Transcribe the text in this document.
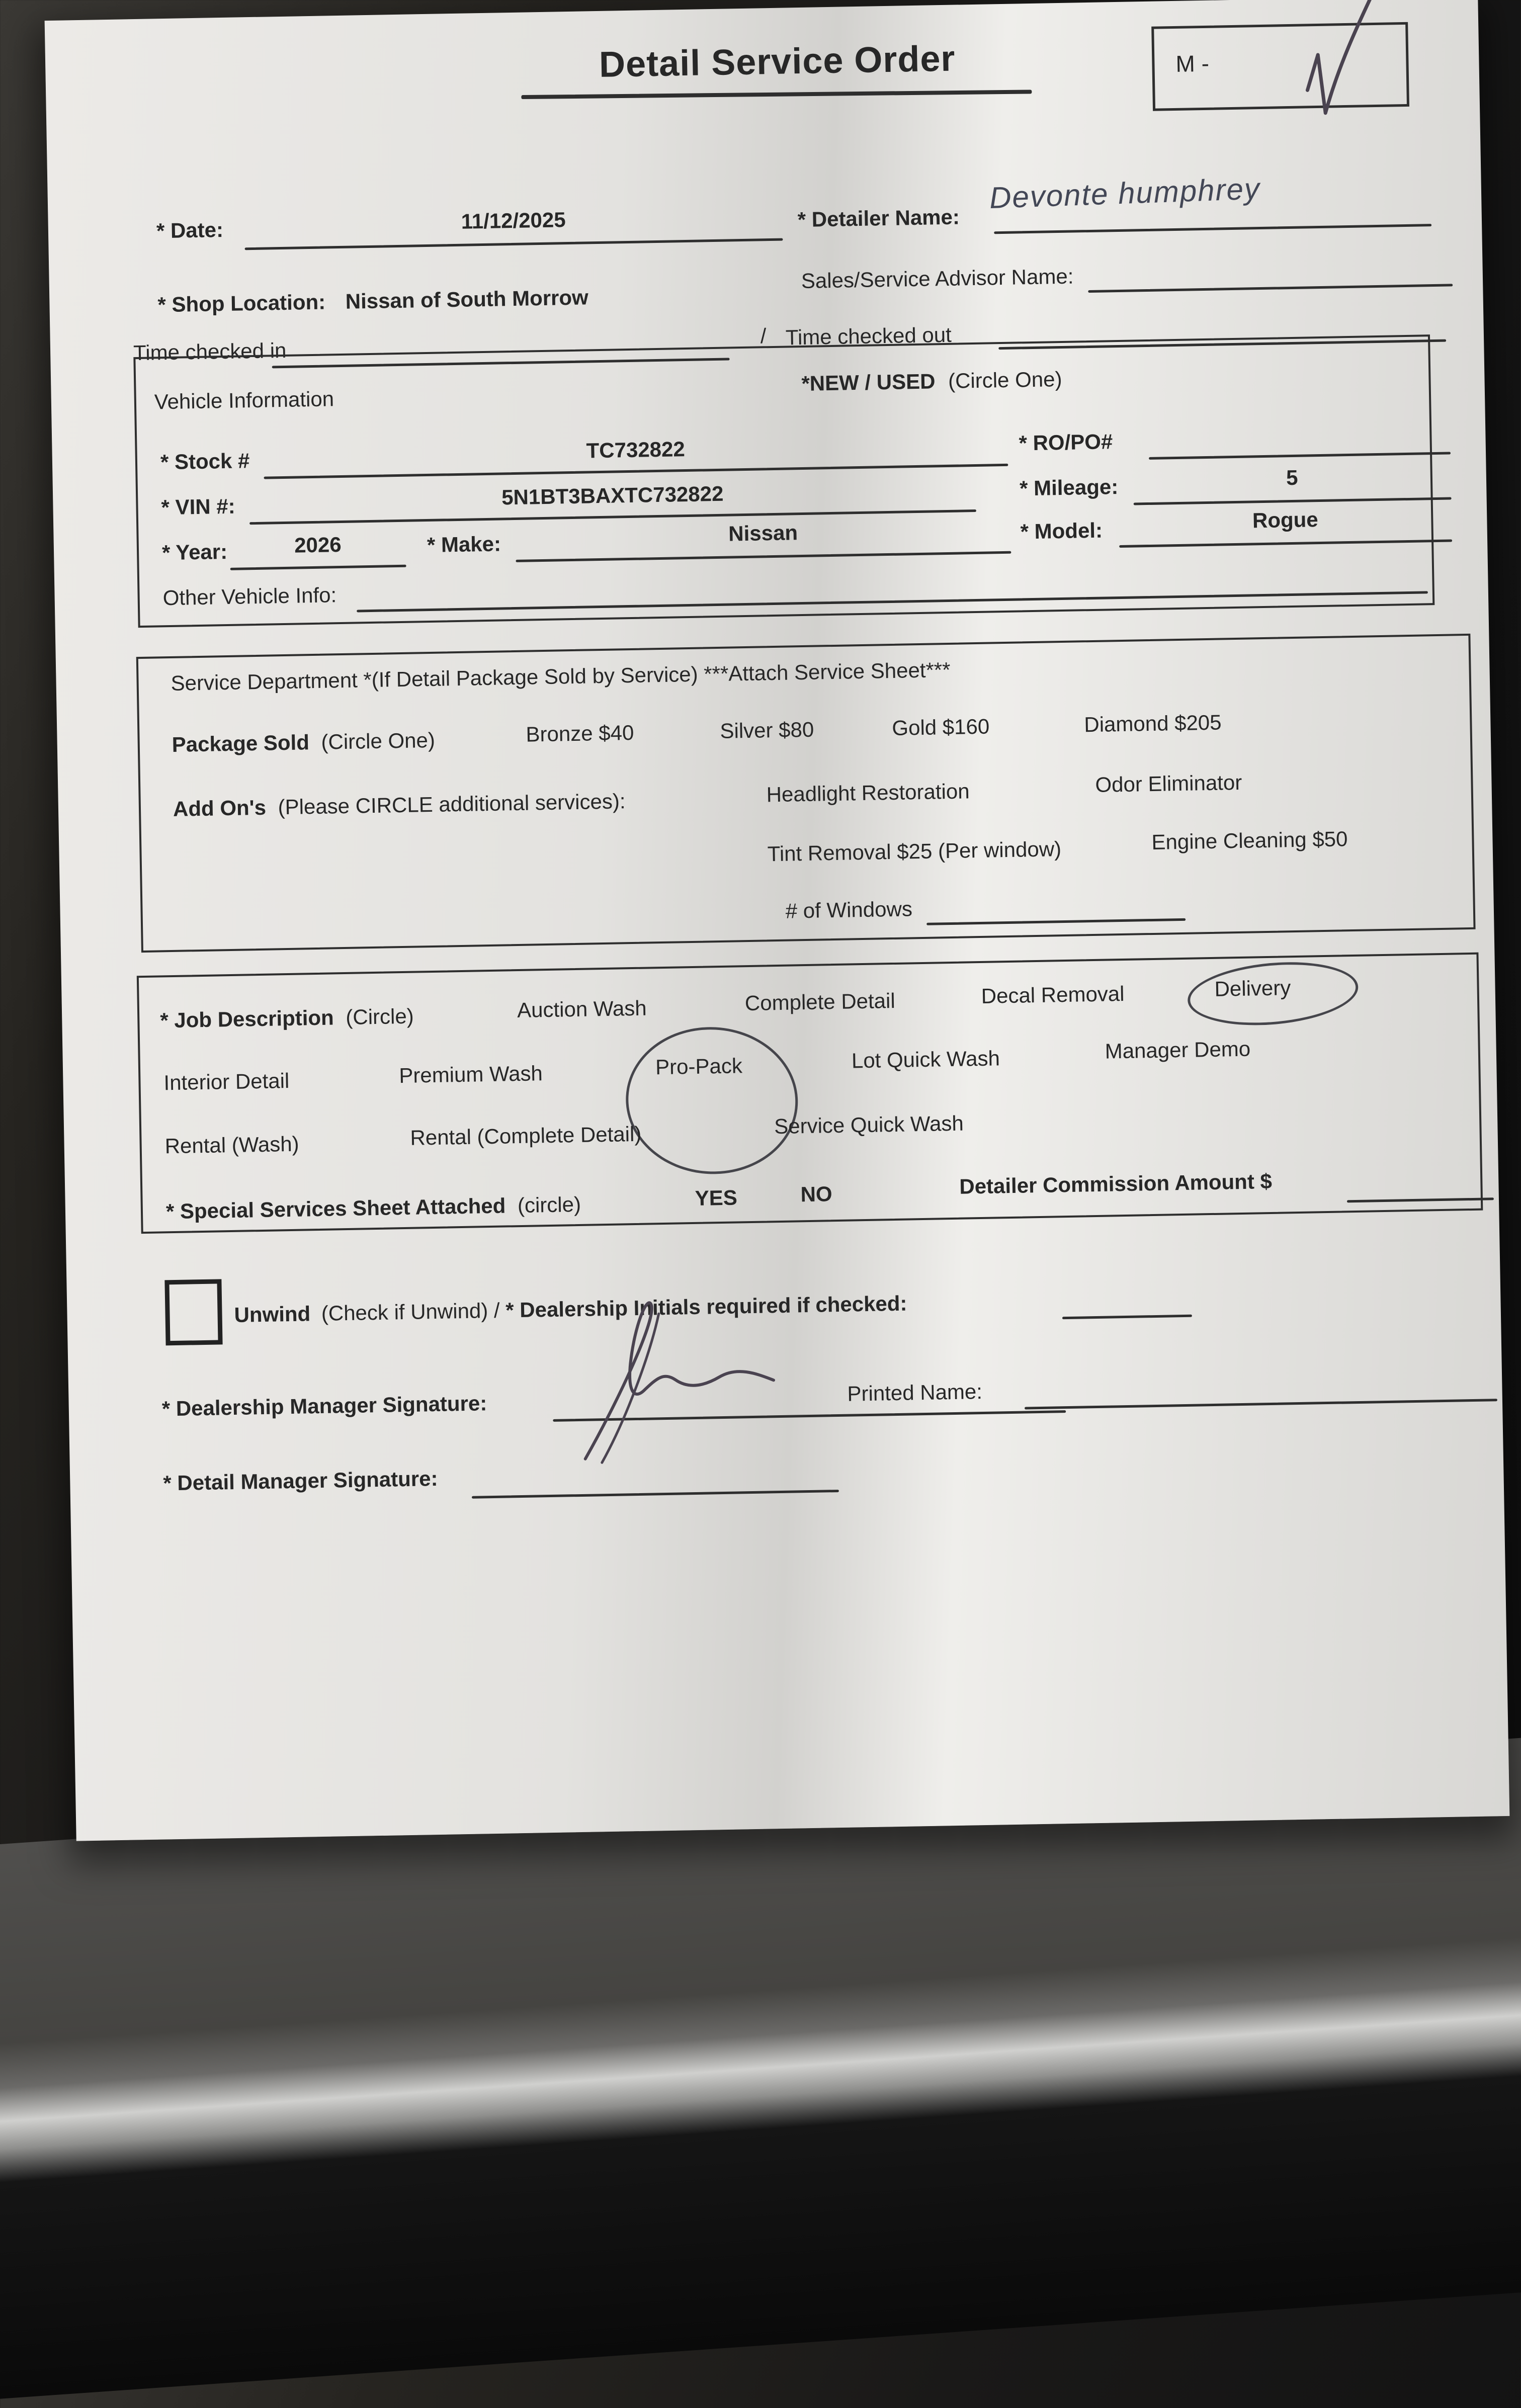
Detail Service Order	M -
* Date:	11/12/2025	* Detailer Name:
Devonte humphrey
Sales/Service Advisor Name:
* Shop Location: Nissan of South Morrow
Time checked in
/ Time checked out
Vehicle Information
*NEW / USED (Circle One)
* Stock #	TC732822	* RO/PO#
* VIN #:	5N1BT3BAXTC732822	* Mileage:	5
* Year:	2026	* Make:	Nissan	* Model:	Rogue
Other Vehicle Info:
Service Department *(If Detail Package Sold by Service) ***Attach Service Sheet***
Package Sold (Circle One)	Bronze $40	Silver $80	Gold $160	Diamond $205
Add On's (Please CIRCLE additional services):	Headlight Restoration	Odor Eliminator
Tint Removal $25 (Per window)	Engine Cleaning $50
# of Windows
* Job Description (Circle)	Auction Wash	Complete Detail	Decal Removal	Delivery
Interior Detail	Premium Wash	Pro-Pack	Lot Quick Wash	Manager Demo
Rental (Wash)	Rental (Complete Detail)	Service Quick Wash
* Special Services Sheet Attached (circle)	YES	NO	Detailer Commission Amount $
Unwind (Check if Unwind) / * Dealership Initials required if checked:
* Dealership Manager Signature:	Printed Name:
* Detail Manager Signature:
